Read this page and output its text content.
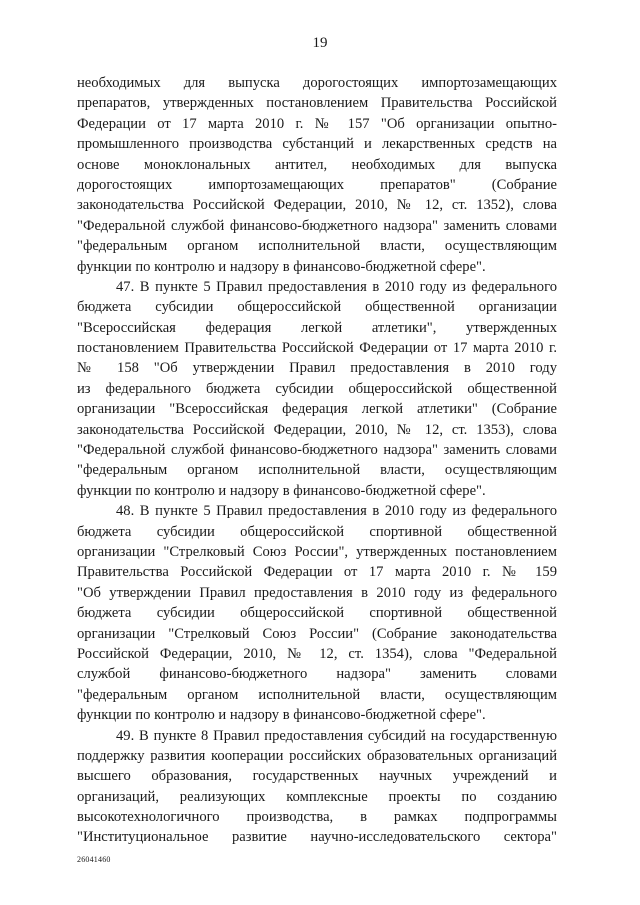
19
необходимых для выпуска дорогостоящих импортозамещающих
препаратов, утвержденных постановлением Правительства Российской
Федерации от 17 марта 2010 г. № 157 "Об организации опытно-
промышленного производства субстанций и лекарственных средств на
основе моноклональных антител, необходимых для выпуска
дорогостоящих импортозамещающих препаратов" (Собрание
законодательства Российской Федерации, 2010, № 12, ст. 1352), слова
"Федеральной службой финансово-бюджетного надзора" заменить словами
"федеральным органом исполнительной власти, осуществляющим
функции по контролю и надзору в финансово-бюджетной сфере".
47. В пункте 5 Правил предоставления в 2010 году из федерального
бюджета субсидии общероссийской общественной организации
"Всероссийская федерация легкой атлетики", утвержденных
постановлением Правительства Российской Федерации от 17 марта 2010 г.
№ 158 "Об утверждении Правил предоставления в 2010 году
из федерального бюджета субсидии общероссийской общественной
организации "Всероссийская федерация легкой атлетики" (Собрание
законодательства Российской Федерации, 2010, № 12, ст. 1353), слова
"Федеральной службой финансово-бюджетного надзора" заменить словами
"федеральным органом исполнительной власти, осуществляющим
функции по контролю и надзору в финансово-бюджетной сфере".
48. В пункте 5 Правил предоставления в 2010 году из федерального
бюджета субсидии общероссийской спортивной общественной
организации "Стрелковый Союз России", утвержденных постановлением
Правительства Российской Федерации от 17 марта 2010 г. № 159
"Об утверждении Правил предоставления в 2010 году из федерального
бюджета субсидии общероссийской спортивной общественной
организации "Стрелковый Союз России" (Собрание законодательства
Российской Федерации, 2010, № 12, ст. 1354), слова "Федеральной
службой финансово-бюджетного надзора" заменить словами
"федеральным органом исполнительной власти, осуществляющим
функции по контролю и надзору в финансово-бюджетной сфере".
49. В пункте 8 Правил предоставления субсидий на государственную
поддержку развития кооперации российских образовательных организаций
высшего образования, государственных научных учреждений и
организаций, реализующих комплексные проекты по созданию
высокотехнологичного производства, в рамках подпрограммы
"Институциональное развитие научно-исследовательского сектора"
26041460
